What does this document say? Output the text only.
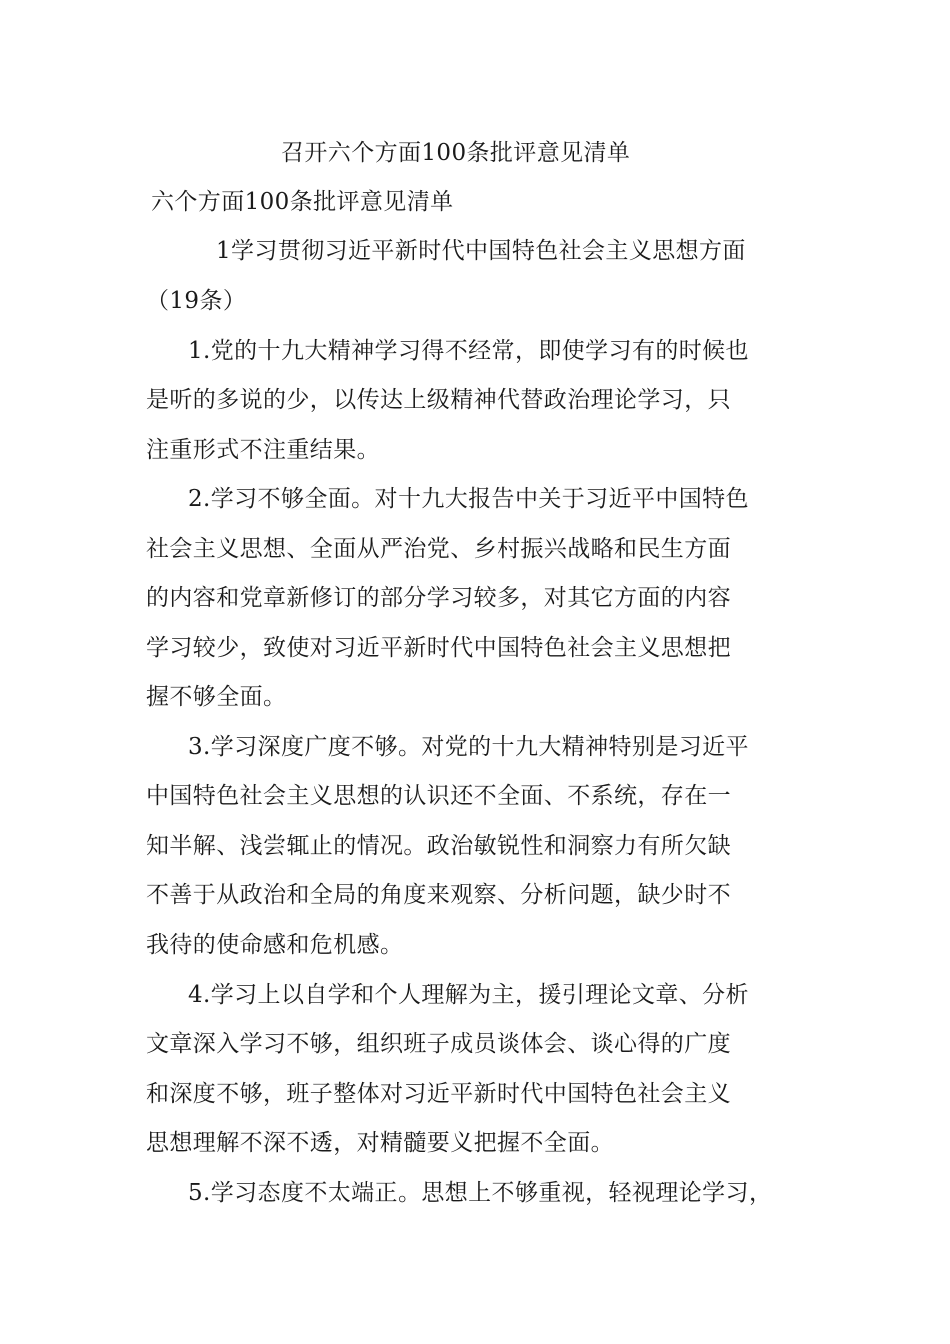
召开六个方面100条批评意见清单
六个方面100条批评意见清单
1学习贯彻习近平新时代中国特色社会主义思想方面
（19条）
1.党的十九大精神学习得不经常，即使学习有的时候也
是听的多说的少，以传达上级精神代替政治理论学习，只
注重形式不注重结果。
2.学习不够全面。对十九大报告中关于习近平中国特色
社会主义思想、全面从严治党、乡村振兴战略和民生方面
的内容和党章新修订的部分学习较多，对其它方面的内容
学习较少，致使对习近平新时代中国特色社会主义思想把
握不够全面。
3.学习深度广度不够。对党的十九大精神特别是习近平
中国特色社会主义思想的认识还不全面、不系统，存在一
知半解、浅尝辄止的情况。政治敏锐性和洞察力有所欠缺
不善于从政治和全局的角度来观察、分析问题，缺少时不
我待的使命感和危机感。
4.学习上以自学和个人理解为主，援引理论文章、分析
文章深入学习不够，组织班子成员谈体会、谈心得的广度
和深度不够，班子整体对习近平新时代中国特色社会主义
思想理解不深不透，对精髓要义把握不全面。
5.学习态度不太端正。思想上不够重视，轻视理论学习，
